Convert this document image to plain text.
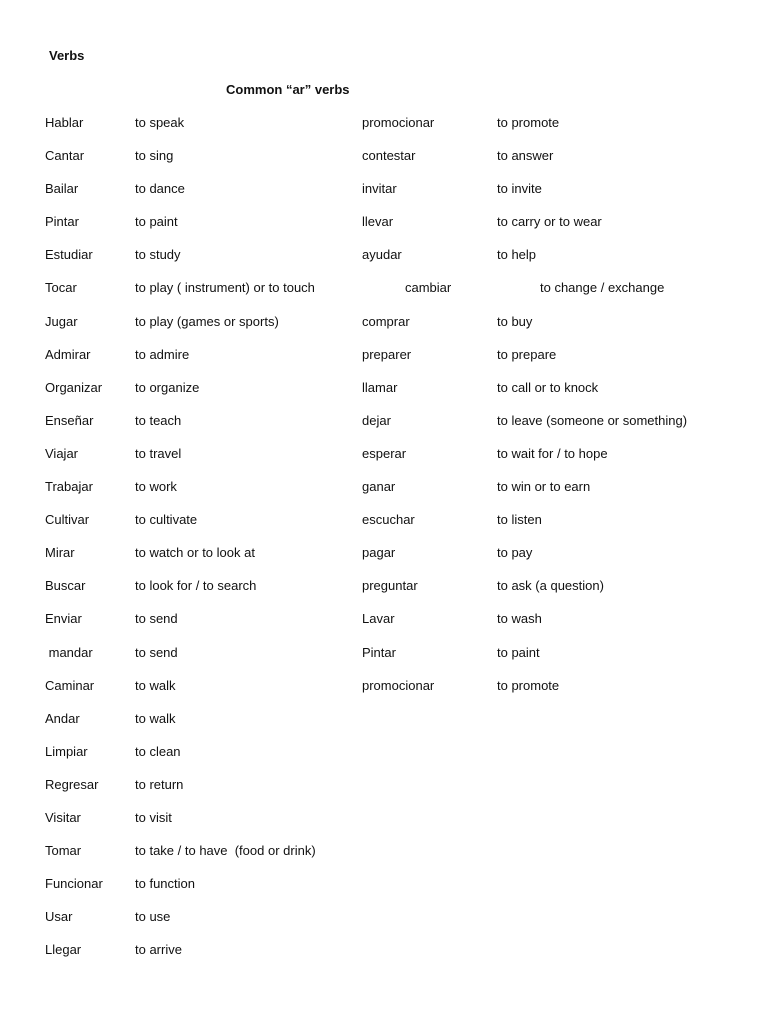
Verbs
Common “ar” verbs
Hablar
Cantar
Bailar
Pintar
Estudiar
Tocar
Jugar
Admirar
Organizar
Enseñar
Viajar
Trabajar
Cultivar
Mirar
Buscar
Enviar
mandar
Caminar
Andar
Limpiar
Regresar
Visitar
Tomar
Funcionar
Usar
Llegar
to speak
to sing
to dance
to paint
to study
to play ( instrument) or to touch
to play (games or sports)
to admire
to organize
to teach
to travel
to work
to cultivate
to watch or to look at
to look for / to search
to send
to send
to walk
to walk
to clean
to return
to visit
to take / to have  (food or drink)
to function
to use
to arrive
promocionar
contestar
invitar
llevar
ayudar
cambiar
comprar
preparer
llamar
dejar
esperar
ganar
escuchar
pagar
preguntar
Lavar
Pintar
promocionar
to promote
to answer
to invite
to carry or to wear
to help
to change / exchange
to buy
to prepare
to call or to knock
to leave (someone or something)
to wait for / to hope
to win or to earn
to listen
to pay
to ask (a question)
to wash
to paint
to promote
